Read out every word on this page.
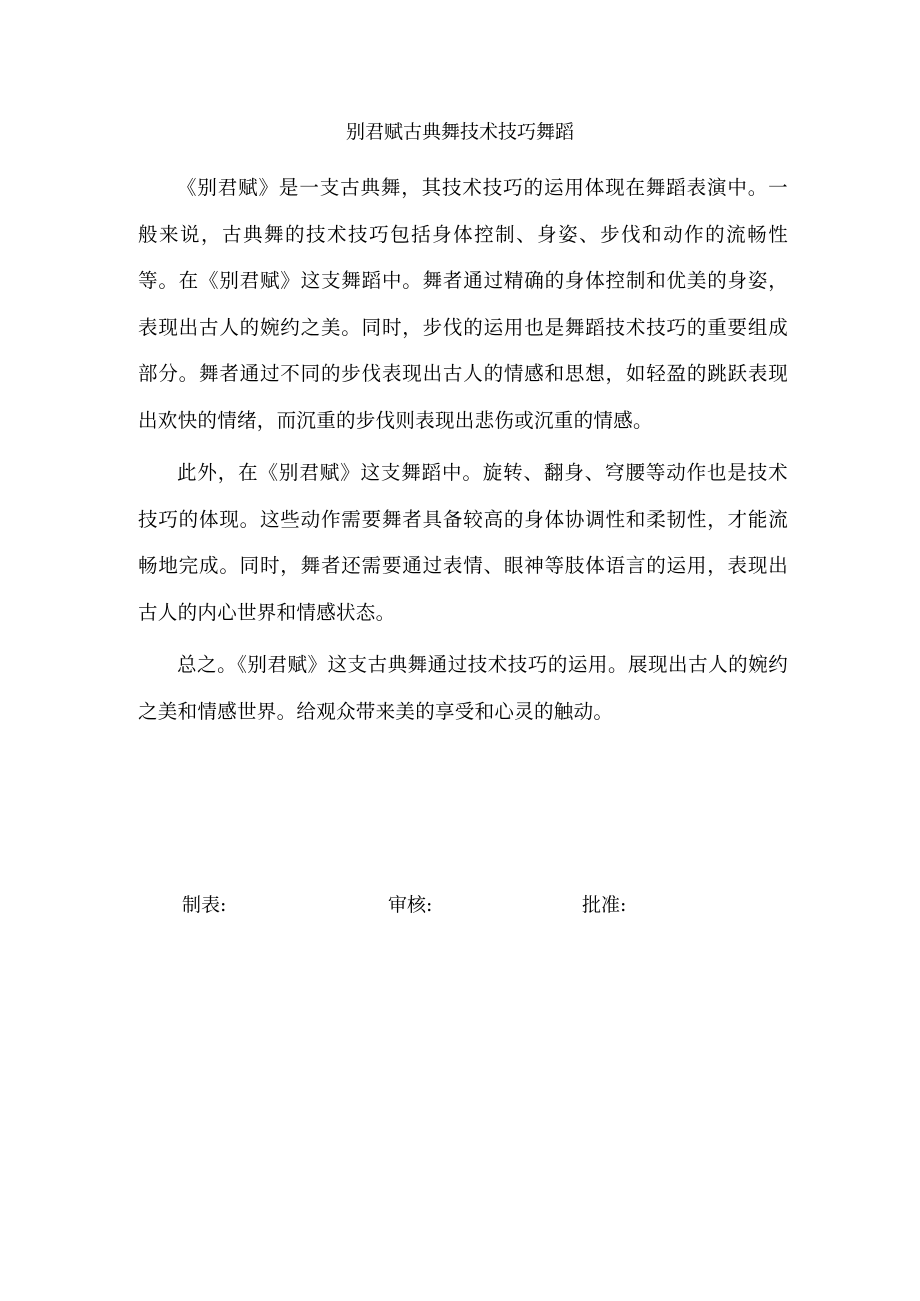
别君赋古典舞技术技巧舞蹈

《别君赋》是一支古典舞，其技术技巧的运用体现在舞蹈表演中。一般来说，古典舞的技术技巧包括身体控制、身姿、步伐和动作的流畅性等。在《别君赋》这支舞蹈中。舞者通过精确的身体控制和优美的身姿，表现出古人的婉约之美。同时，步伐的运用也是舞蹈技术技巧的重要组成部分。舞者通过不同的步伐表现出古人的情感和思想，如轻盈的跳跃表现出欢快的情绪，而沉重的步伐则表现出悲伤或沉重的情感。

此外，在《别君赋》这支舞蹈中。旋转、翻身、穹腰等动作也是技术技巧的体现。这些动作需要舞者具备较高的身体协调性和柔韧性，才能流畅地完成。同时，舞者还需要通过表情、眼神等肢体语言的运用，表现出古人的内心世界和情感状态。

总之。《别君赋》这支古典舞通过技术技巧的运用。展现出古人的婉约之美和情感世界。给观众带来美的享受和心灵的触动。

制表:	审核:	批准:
